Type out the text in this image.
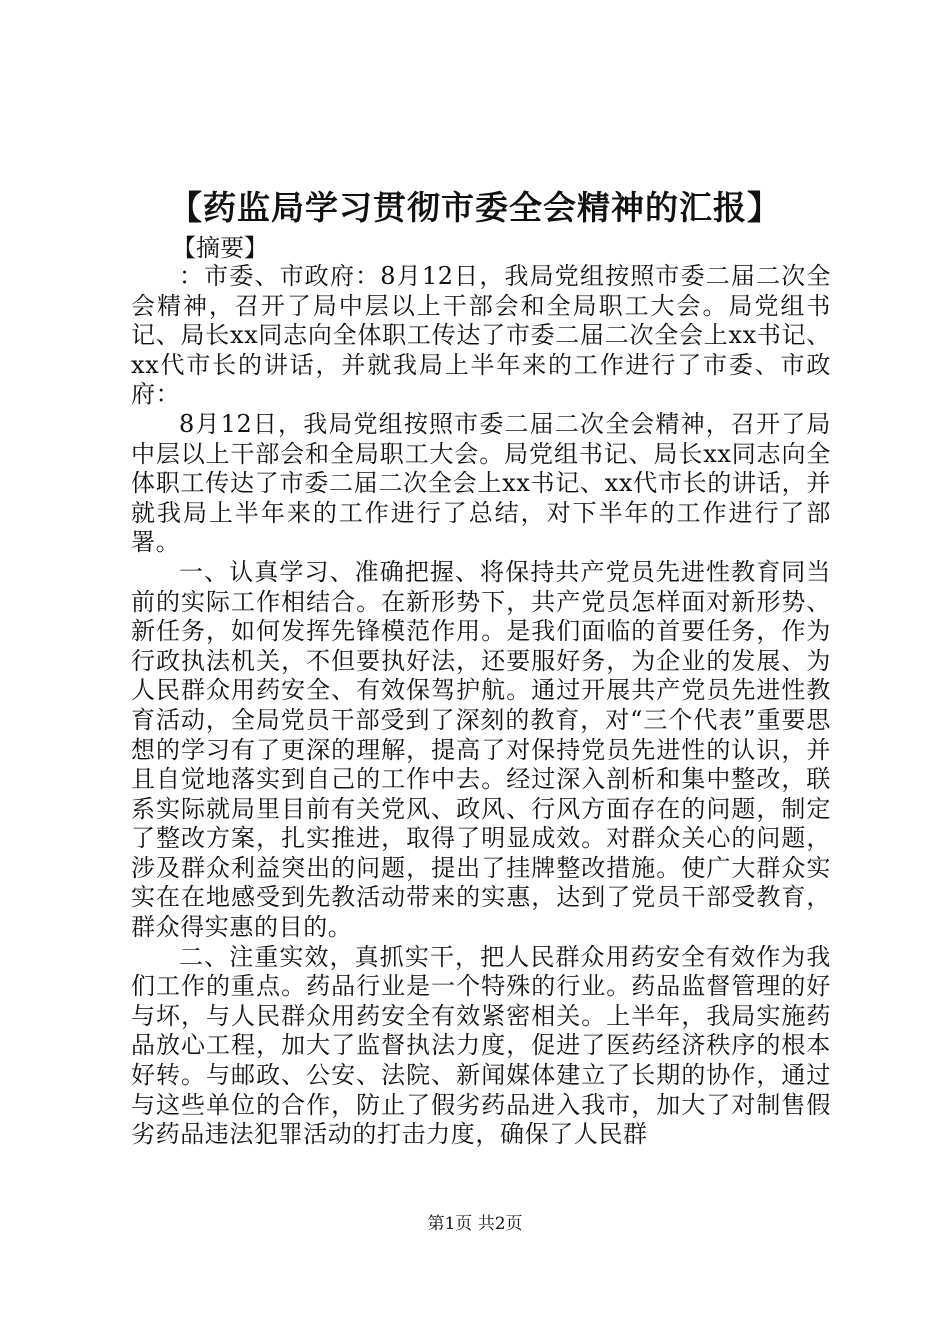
【药监局学习贯彻市委全会精神的汇报】
【摘要】

：市委、市政府：8月12日，我局党组按照市委二届二次全会精神，召开了局中层以上干部会和全局职工大会。局党组书记、局长xx同志向全体职工传达了市委二届二次全会上xx书记、xx代市长的讲话，并就我局上半年来的工作进行了市委、市政府：

8月12日，我局党组按照市委二届二次全会精神，召开了局中层以上干部会和全局职工大会。局党组书记、局长xx同志向全体职工传达了市委二届二次全会上xx书记、xx代市长的讲话，并就我局上半年来的工作进行了总结，对下半年的工作进行了部署。

一、认真学习、准确把握、将保持共产党员先进性教育同当前的实际工作相结合。在新形势下，共产党员怎样面对新形势、新任务，如何发挥先锋模范作用。是我们面临的首要任务，作为行政执法机关，不但要执好法，还要服好务，为企业的发展、为人民群众用药安全、有效保驾护航。通过开展共产党员先进性教育活动，全局党员干部受到了深刻的教育，对“三个代表”重要思想的学习有了更深的理解，提高了对保持党员先进性的认识，并且自觉地落实到自己的工作中去。经过深入剖析和集中整改，联系实际就局里目前有关党风、政风、行风方面存在的问题，制定了整改方案，扎实推进，取得了明显成效。对群众关心的问题，涉及群众利益突出的问题，提出了挂牌整改措施。使广大群众实实在在地感受到先教活动带来的实惠，达到了党员干部受教育，群众得实惠的目的。

二、注重实效，真抓实干，把人民群众用药安全有效作为我们工作的重点。药品行业是一个特殊的行业。药品监督管理的好与坏，与人民群众用药安全有效紧密相关。上半年，我局实施药品放心工程，加大了监督执法力度，促进了医药经济秩序的根本好转。与邮政、公安、法院、新闻媒体建立了长期的协作，通过与这些单位的合作，防止了假劣药品进入我市，加大了对制售假劣药品违法犯罪活动的打击力度，确保了人民群

第1页 共2页
